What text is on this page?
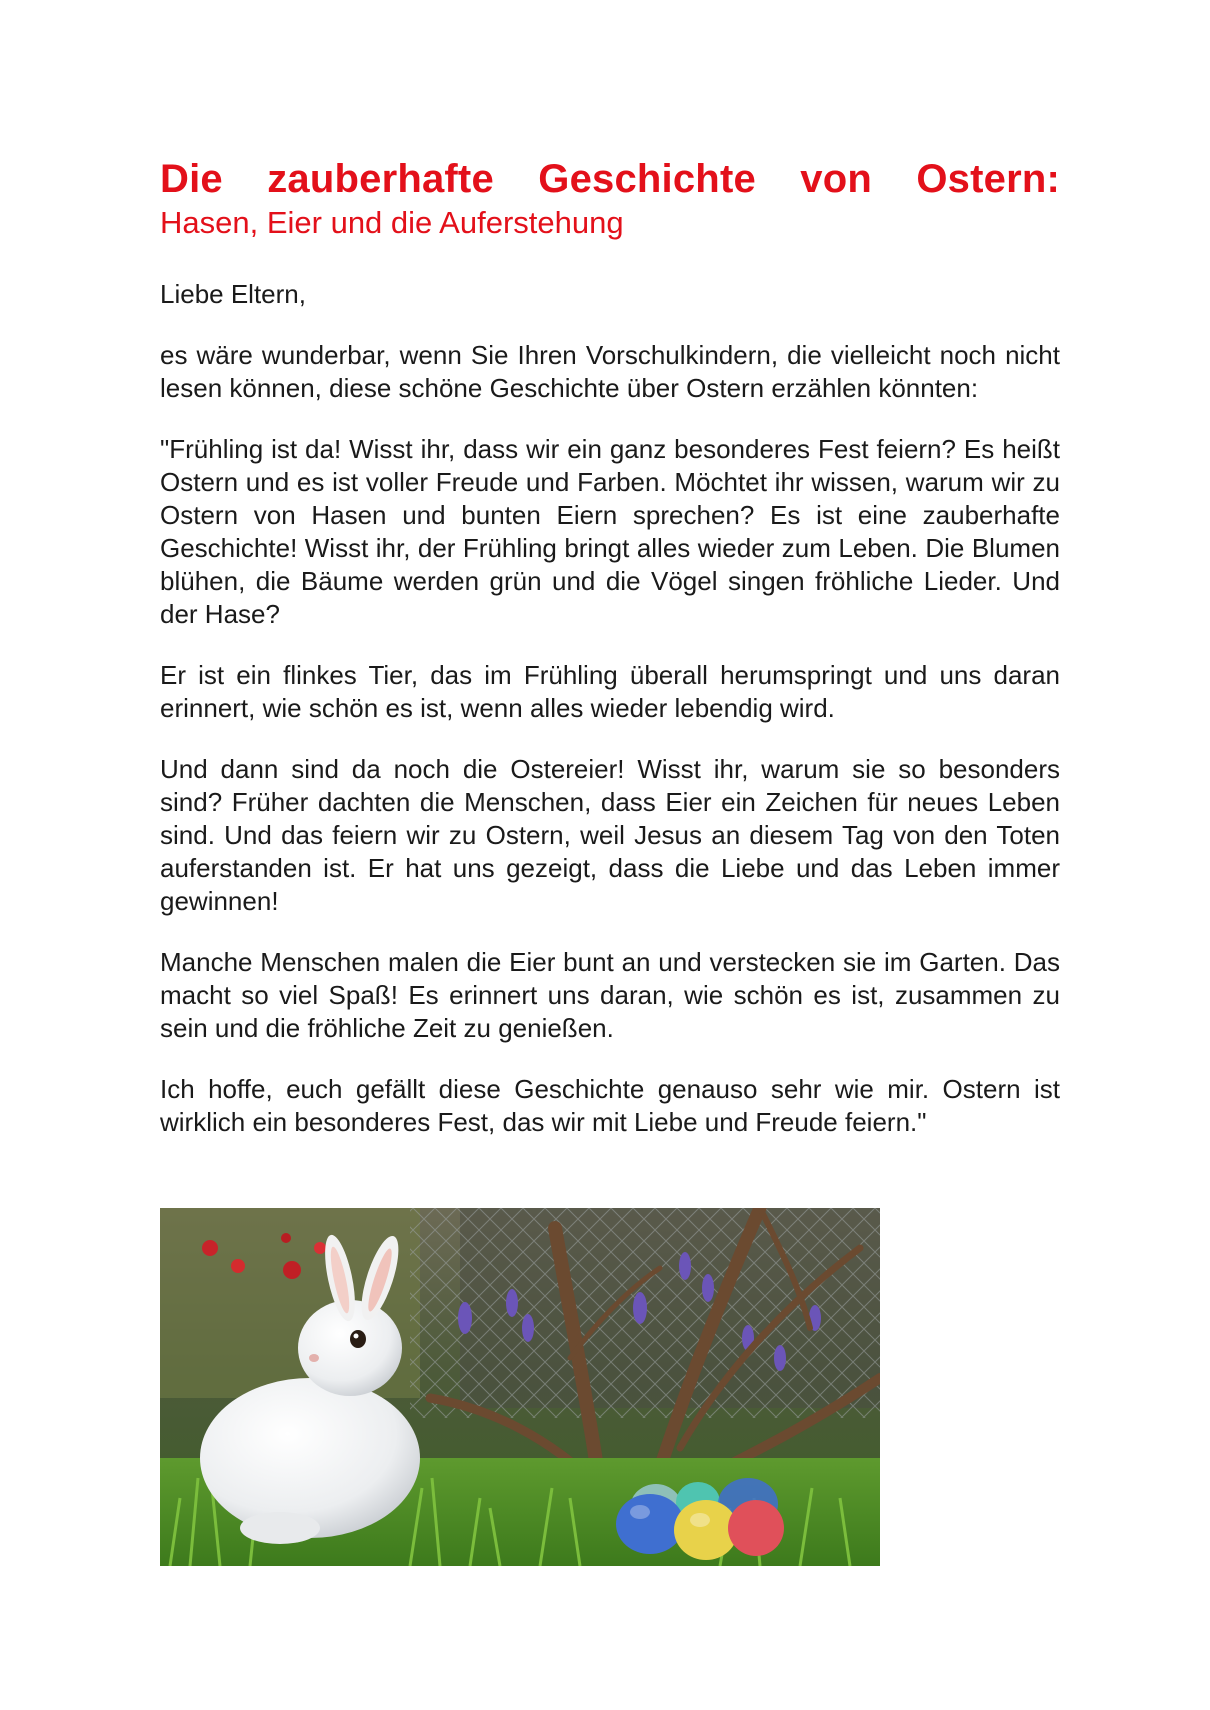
Die zauberhafte Geschichte von Ostern:
Hasen, Eier und die Auferstehung

Liebe Eltern,

es wäre wunderbar, wenn Sie Ihren Vorschulkindern, die vielleicht noch nicht lesen können, diese schöne Geschichte über Ostern erzählen könnten:

"Frühling ist da! Wisst ihr, dass wir ein ganz besonderes Fest feiern? Es heißt Ostern und es ist voller Freude und Farben. Möchtet ihr wissen, warum wir zu Ostern von Hasen und bunten Eiern sprechen? Es ist eine zauberhafte Geschichte! Wisst ihr, der Frühling bringt alles wieder zum Leben. Die Blumen blühen, die Bäume werden grün und die Vögel singen fröhliche Lieder. Und der Hase?

Er ist ein flinkes Tier, das im Frühling überall herumspringt und uns daran erinnert, wie schön es ist, wenn alles wieder lebendig wird.

Und dann sind da noch die Ostereier! Wisst ihr, warum sie so besonders sind? Früher dachten die Menschen, dass Eier ein Zeichen für neues Leben sind. Und das feiern wir zu Ostern, weil Jesus an diesem Tag von den Toten auferstanden ist. Er hat uns gezeigt, dass die Liebe und das Leben immer gewinnen!

Manche Menschen malen die Eier bunt an und verstecken sie im Garten. Das macht so viel Spaß! Es erinnert uns daran, wie schön es ist, zusammen zu sein und die fröhliche Zeit zu genießen.

Ich hoffe, euch gefällt diese Geschichte genauso sehr wie mir. Ostern ist wirklich ein besonderes Fest, das wir mit Liebe und Freude feiern."
